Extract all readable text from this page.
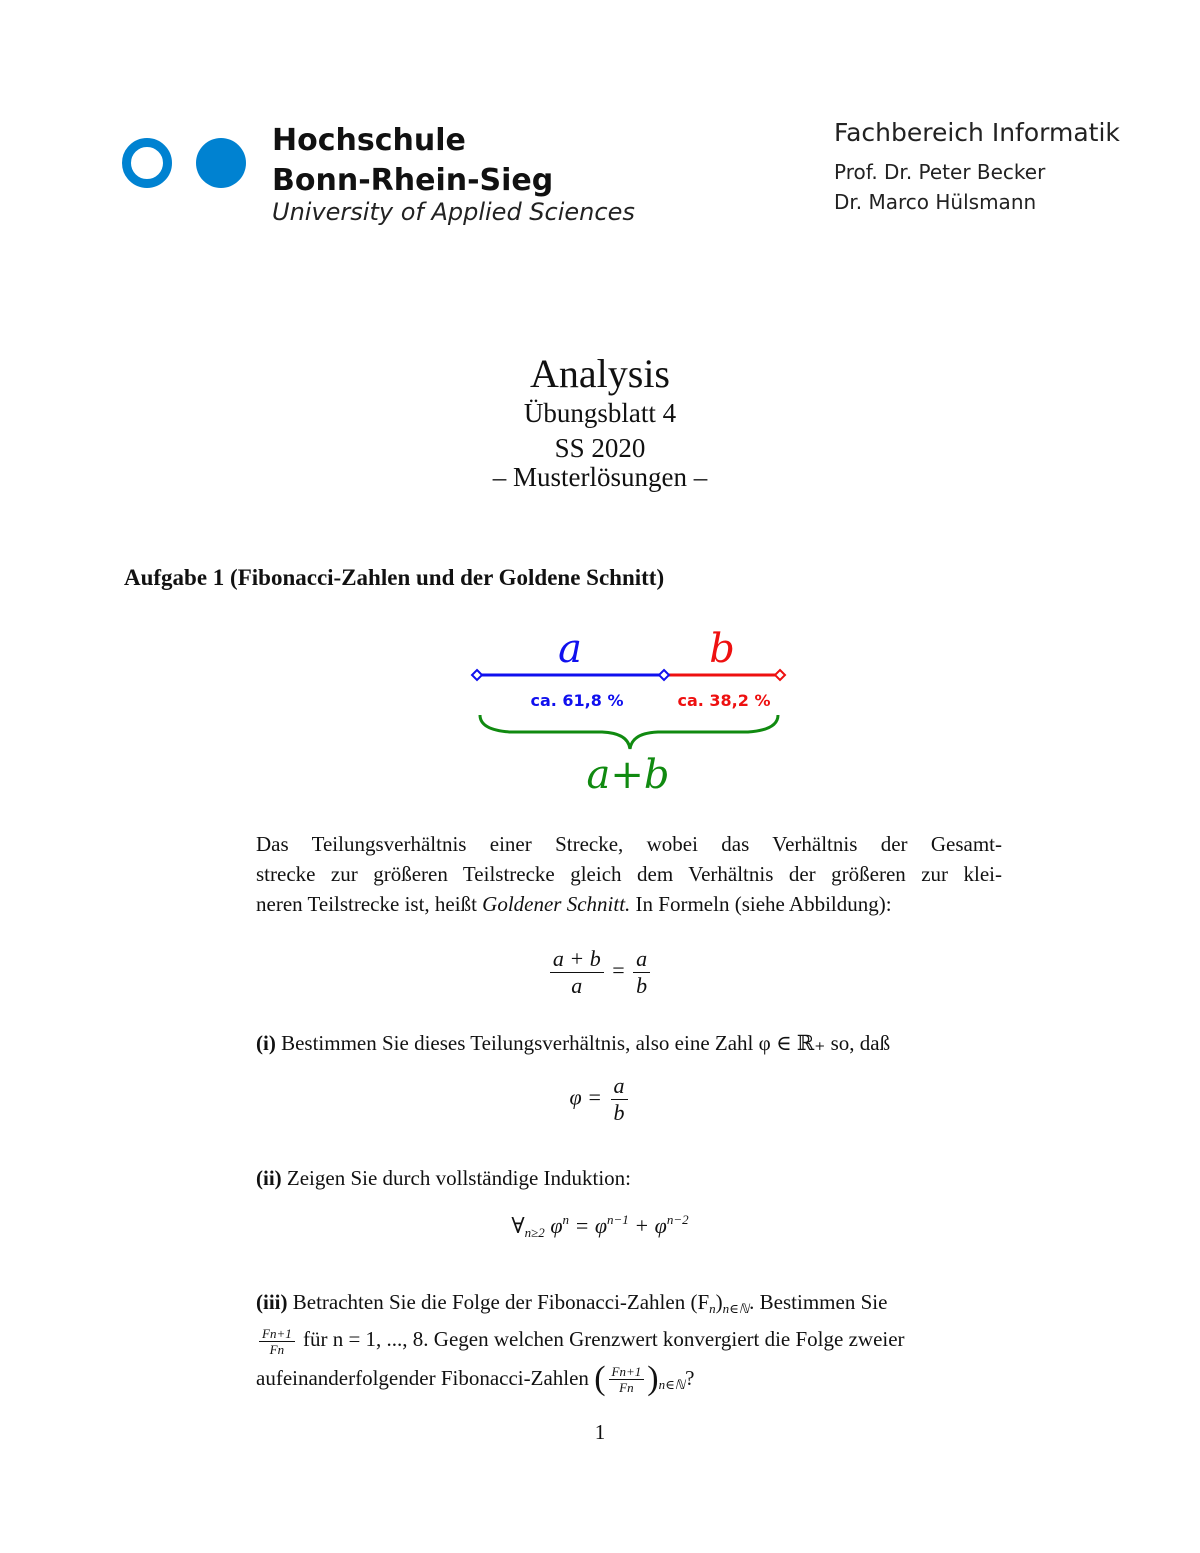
Hochschule
Bonn-Rhein-Sieg
University of Applied Sciences
Fachbereich Informatik
Prof. Dr. Peter Becker
Dr. Marco Hülsmann
Analysis
Übungsblatt 4
SS 2020
– Musterlösungen –
Aufgabe 1 (Fibonacci-Zahlen und der Goldene Schnitt)
a	b
ca. 61,8 %	ca. 38,2 %
a+b
Das Teilungsverhältnis einer Strecke, wobei das Verhältnis der Gesamt-
strecke zur größeren Teilstrecke gleich dem Verhältnis der größeren zur klei-
neren Teilstrecke ist, heißt Goldener Schnitt. In Formeln (siehe Abbildung):
$\frac{a + b}{a} = \frac{a}{b}$
(i) Bestimmen Sie dieses Teilungsverhältnis, also eine Zahl φ ∈ ℝ₊ so, daß
$\varphi = \frac{a}{b}$
(ii) Zeigen Sie durch vollständige Induktion:
$\forall_{n\ge 2}$ $\varphi^n = \varphi^{n-1} + \varphi^{n-2}$
(iii) Betrachten Sie die Folge der Fibonacci-Zahlen $(F_n)_{n\in ℕ}$. Bestimmen Sie
$\frac{Fn+1}{Fn}$ für n = 1, ..., 8. Gegen welchen Grenzwert konvergiert die Folge zweier
aufeinanderfolgender Fibonacci-Zahlen ( $\frac{Fn+1}{Fn} )_{n\in ℕ}$?
1
